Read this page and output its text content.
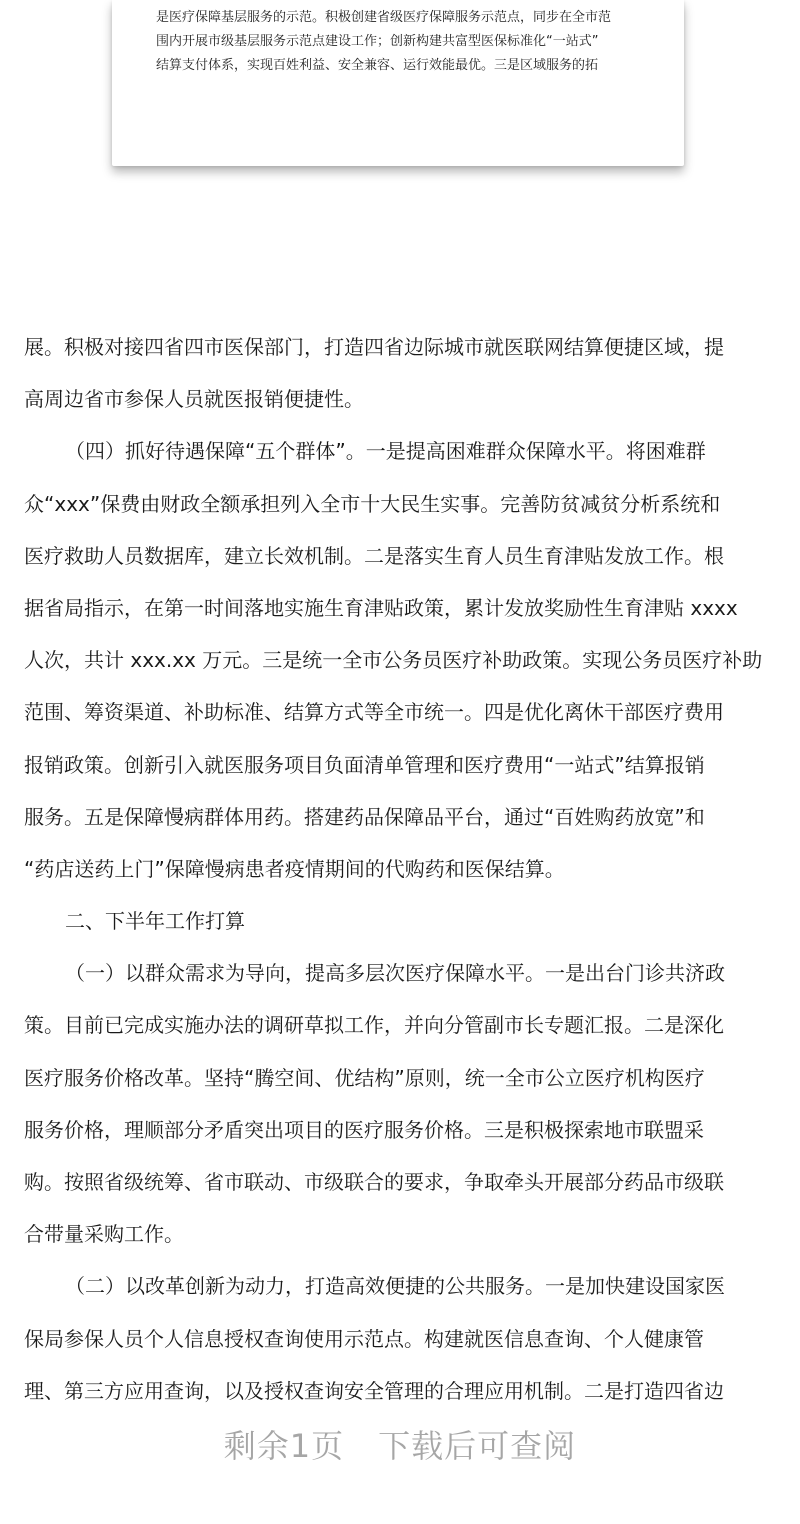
是医疗保障基层服务的示范。积极创建省级医疗保障服务示范点，同步在全市范
围内开展市级基层服务示范点建设工作；创新构建共富型医保标准化“一站式”
结算支付体系，实现百姓利益、安全兼容、运行效能最优。三是区域服务的拓
展。积极对接四省四市医保部门，打造四省边际城市就医联网结算便捷区域，提
高周边省市参保人员就医报销便捷性。
（四）抓好待遇保障“五个群体”。一是提高困难群众保障水平。将困难群
众“xxx”保费由财政全额承担列入全市十大民生实事。完善防贫减贫分析系统和
医疗救助人员数据库，建立长效机制。二是落实生育人员生育津贴发放工作。根
据省局指示，在第一时间落地实施生育津贴政策，累计发放奖励性生育津贴 xxxx
人次，共计 xxx.xx 万元。三是统一全市公务员医疗补助政策。实现公务员医疗补助
范围、筹资渠道、补助标准、结算方式等全市统一。四是优化离休干部医疗费用
报销政策。创新引入就医服务项目负面清单管理和医疗费用“一站式”结算报销
服务。五是保障慢病群体用药。搭建药品保障品平台，通过“百姓购药放宽”和
“药店送药上门”保障慢病患者疫情期间的代购药和医保结算。
二、下半年工作打算
（一）以群众需求为导向，提高多层次医疗保障水平。一是出台门诊共济政
策。目前已完成实施办法的调研草拟工作，并向分管副市长专题汇报。二是深化
医疗服务价格改革。坚持“腾空间、优结构”原则，统一全市公立医疗机构医疗
服务价格，理顺部分矛盾突出项目的医疗服务价格。三是积极探索地市联盟采
购。按照省级统筹、省市联动、市级联合的要求，争取牵头开展部分药品市级联
合带量采购工作。
（二）以改革创新为动力，打造高效便捷的公共服务。一是加快建设国家医
保局参保人员个人信息授权查询使用示范点。构建就医信息查询、个人健康管
理、第三方应用查询，以及授权查询安全管理的合理应用机制。二是打造四省边
剩余1页 下载后可查阅
